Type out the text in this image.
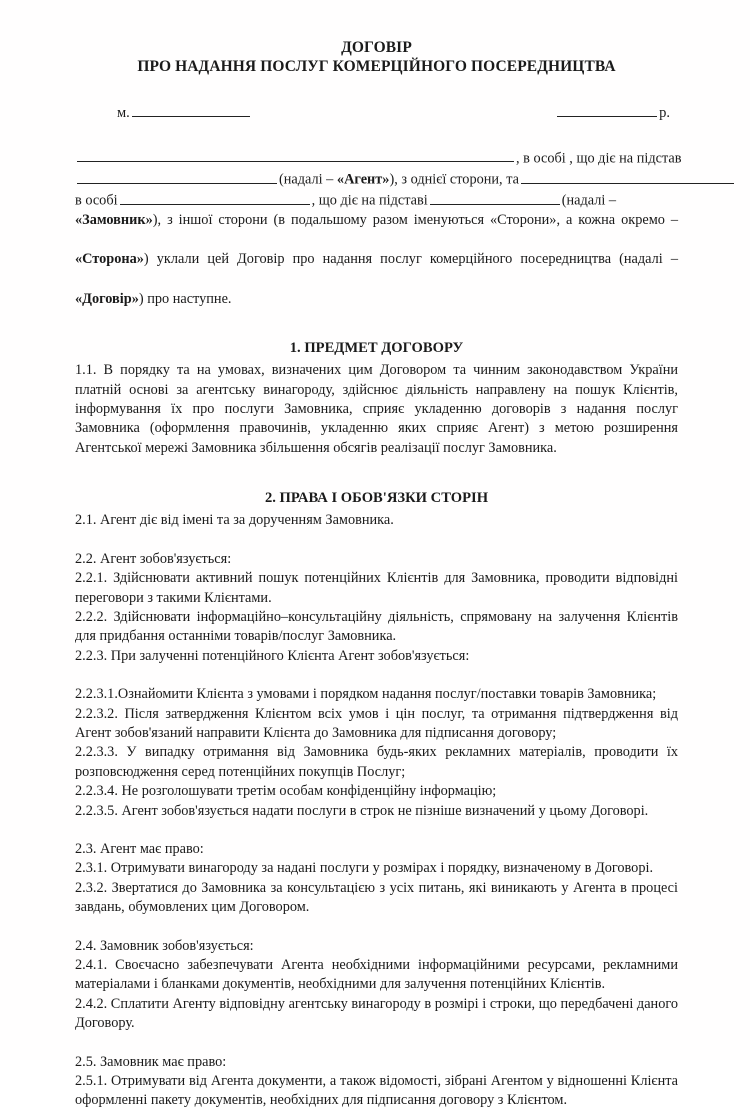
ДОГОВІР
ПРО НАДАННЯ ПОСЛУГ КОМЕРЦІЙНОГО ПОСЕРЕДНИЦТВА
м.	р.
, в особі , що діє на підстав
(надалі – «Агент»), з однієї сторони, та
в особі	, що діє на підставі	(надалі –
«Замовник»), з іншої сторони (в подальшому разом іменуються «Сторони», а кожна окремо –
«Сторона») уклали цей Договір про надання послуг комерційного посередництва (надалі –
«Договір») про наступне.
1. ПРЕДМЕТ ДОГОВОРУ

1.1. В порядку та на умовах, визначених цим Договором та чинним законодавством України платній основі за агентську винагороду, здійснює діяльність направлену на пошук Клієнтів, інформування їх про послуги Замовника, сприяє укладенню договорів з надання послуг Замовника (оформлення правочинів, укладенню яких сприяє Агент) з метою розширення Агентської мережі Замовника збільшення обсягів реалізації послуг Замовника.

2. ПРАВА І ОБОВ'ЯЗКИ СТОРІН

2.1. Агент діє від імені та за дорученням Замовника.

2.2. Агент зобов'язується:

2.2.1. Здійснювати активний пошук потенційних Клієнтів для Замовника, проводити відповідні переговори з такими Клієнтами.

2.2.2. Здійснювати інформаційно–консультаційну діяльність, спрямовану на залучення Клієнтів для придбання останніми товарів/послуг Замовника.

2.2.3. При залученні потенційного Клієнта Агент зобов'язується:

2.2.3.1.Ознайомити Клієнта з умовами і порядком надання послуг/поставки товарів Замовника;

2.2.3.2. Після затвердження Клієнтом всіх умов і цін послуг, та отримання підтвердження від Агент зобов'язаний направити Клієнта до Замовника для підписання договору;

2.2.3.3. У випадку отримання від Замовника будь-яких рекламних матеріалів, проводити їх розповсюдження серед потенційних покупців Послуг;

2.2.3.4. Не розголошувати третім особам конфіденційну інформацію;

2.2.3.5. Агент зобов'язується надати послуги в строк не пізніше визначений у цьому Договорі.

2.3. Агент має право:

2.3.1. Отримувати винагороду за надані послуги у розмірах і порядку, визначеному в Договорі.

2.3.2. Звертатися до Замовника за консультацією з усіх питань, які виникають у Агента в процесі завдань, обумовлених цим Договором.

2.4. Замовник зобов'язується:

2.4.1. Своєчасно забезпечувати Агента необхідними інформаційними ресурсами, рекламними матеріалами і бланками документів, необхідними для залучення потенційних Клієнтів.

2.4.2. Сплатити Агенту відповідну агентську винагороду в розмірі і строки, що передбачені даного Договору.

2.5. Замовник має право:

2.5.1. Отримувати від Агента документи, а також відомості, зібрані Агентом у відношенні Клієнта оформленні пакету документів, необхідних для підписання договору з Клієнтом.
